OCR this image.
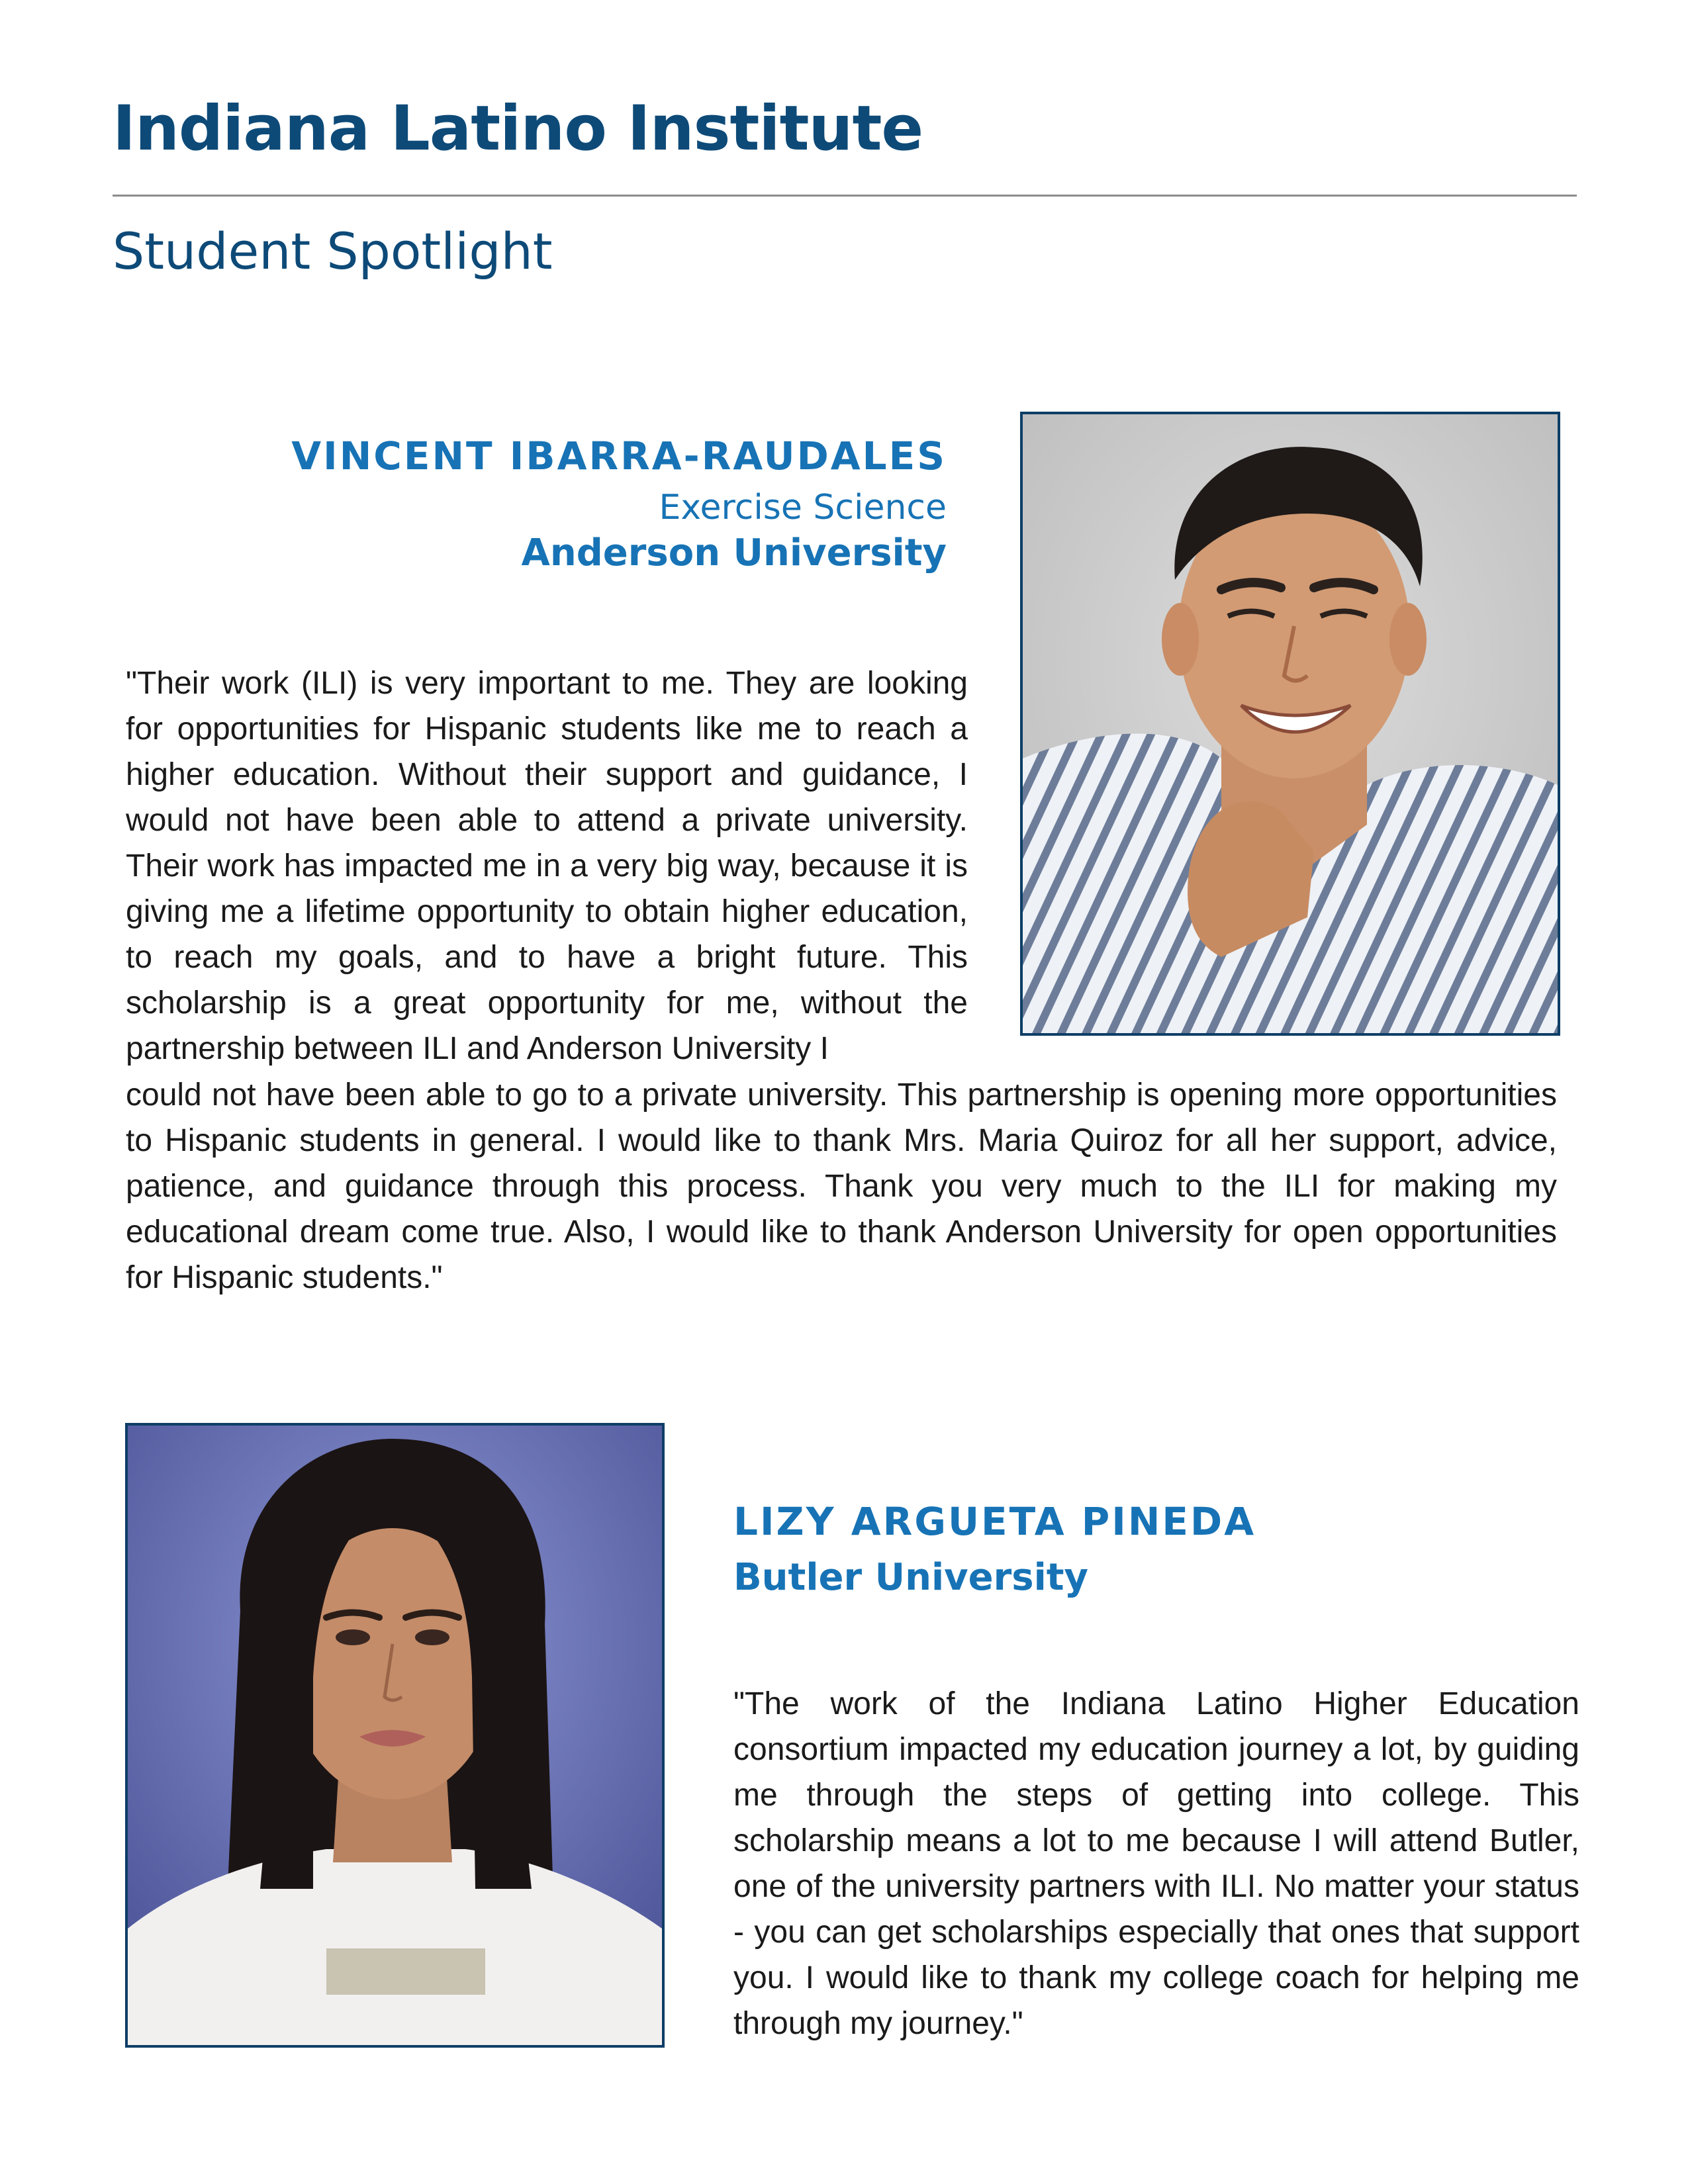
Indiana Latino Institute
Student Spotlight
VINCENT IBARRA-RAUDALES
Exercise Science
Anderson University
"Their work (ILI) is very important to me. They are looking for opportunities for Hispanic students like me to reach a higher education. Without their support and guidance, I would not have been able to attend a private university. Their work has impacted me in a very big way, because it is giving me a lifetime opportunity to obtain higher education, to reach my goals, and to have a bright future. This scholarship is a great opportunity for me, without the partnership between ILI and Anderson University I
could not have been able to go to a private university. This partnership is opening more opportunities to Hispanic students in general. I would like to thank Mrs. Maria Quiroz for all her support, advice, patience, and guidance through this process. Thank you very much to the ILI for making my educational dream come true. Also, I would like to thank Anderson University for open opportunities for Hispanic students."
LIZY ARGUETA PINEDA
Butler University
"The work of the Indiana Latino Higher Education consortium impacted my education journey a lot, by guiding me through the steps of getting into college. This scholarship means a lot to me because I will attend Butler, one of the university partners with ILI. No matter your status - you can get scholarships especially that ones that support you. I would like to thank my college coach for helping me through my journey."
